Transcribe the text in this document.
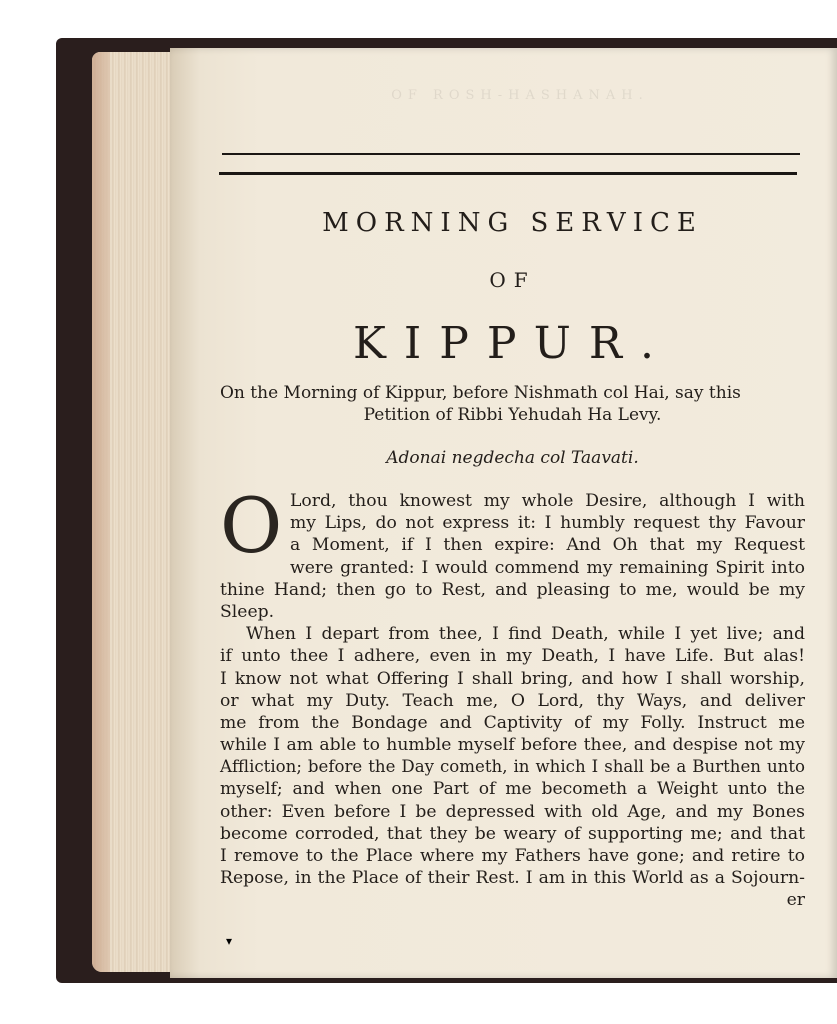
OF ROSH-HASHANAH.
MORNING SERVICE
OF
KIPPUR.
On the Morning of Kippur, before Nishmath col Hai, say this
Petition of Ribbi Yehudah Ha Levy.
Adonai negdecha col Taavati.
O Lord, thou knowest my whole Desire, although I with
my Lips, do not express it: I humbly request thy Favour
a Moment, if I then expire: And Oh that my Request
were granted: I would commend my remaining Spirit into
thine Hand; then go to Rest, and pleasing to me, would be my
Sleep.
When I depart from thee, I find Death, while I yet live; and
if unto thee I adhere, even in my Death, I have Life. But alas!
I know not what Offering I shall bring, and how I shall worship,
or what my Duty. Teach me, O Lord, thy Ways, and deliver
me from the Bondage and Captivity of my Folly. Instruct me
while I am able to humble myself before thee, and despise not my
Affliction; before the Day cometh, in which I shall be a Burthen unto
myself; and when one Part of me becometh a Weight unto the
other: Even before I be depressed with old Age, and my Bones
become corroded, that they be weary of supporting me; and that
I remove to the Place where my Fathers have gone; and retire to
Repose, in the Place of their Rest. I am in this World as a Sojourn-
er
▾
